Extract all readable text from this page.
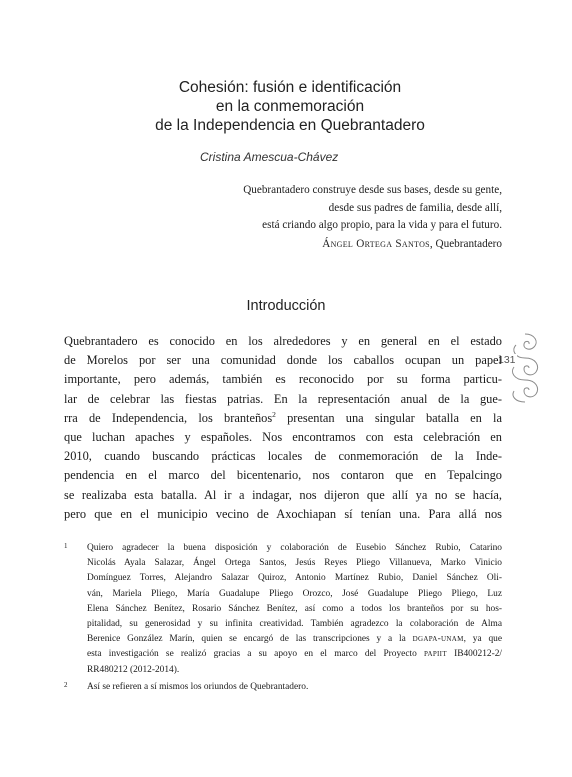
Cohesión: fusión e identificación
en la conmemoración
de la Independencia en Quebrantadero
Cristina Amescua-Chávez
Quebrantadero construye desde sus bases, desde su gente,
desde sus padres de familia, desde allí,
está criando algo propio, para la vida y para el futuro.
Ángel Ortega Santos, Quebrantadero
Introducción
131
Quebrantadero es conocido en los alrededores y en general en el estado
de Morelos por ser una comunidad donde los caballos ocupan un papel
importante, pero además, también es reconocido por su forma particu-
lar de celebrar las fiestas patrias. En la representación anual de la gue-
rra de Independencia, los branteños$^2$ presentan una singular batalla en la
que luchan apaches y españoles. Nos encontramos con esta celebración en
2010, cuando buscando prácticas locales de conmemoración de la Inde-
pendencia en el marco del bicentenario, nos contaron que en Tepalcingo
se realizaba esta batalla. Al ir a indagar, nos dijeron que allí ya no se hacía,
pero que en el municipio vecino de Axochiapan sí tenían una. Para allá nos
1 Quiero agradecer la buena disposición y colaboración de Eusebio Sánchez Rubio, Catarino
Nicolás Ayala Salazar, Ángel Ortega Santos, Jesús Reyes Pliego Villanueva, Marko Vinicio
Domínguez Torres, Alejandro Salazar Quiroz, Antonio Martínez Rubio, Daniel Sánchez Oli-
ván, Mariela Pliego, María Guadalupe Pliego Orozco, José Guadalupe Pliego Pliego, Luz
Elena Sánchez Benítez, Rosario Sánchez Benítez, así como a todos los branteños por su hos-
pitalidad, su generosidad y su infinita creatividad. También agradezco la colaboración de Alma
Berenice González Marín, quien se encargó de las transcripciones y a la dgapa-unam, ya que
esta investigación se realizó gracias a su apoyo en el marco del Proyecto papiit IB400212-2/
RR480212 (2012-2014).
2 Así se refieren a sí mismos los oriundos de Quebrantadero.
